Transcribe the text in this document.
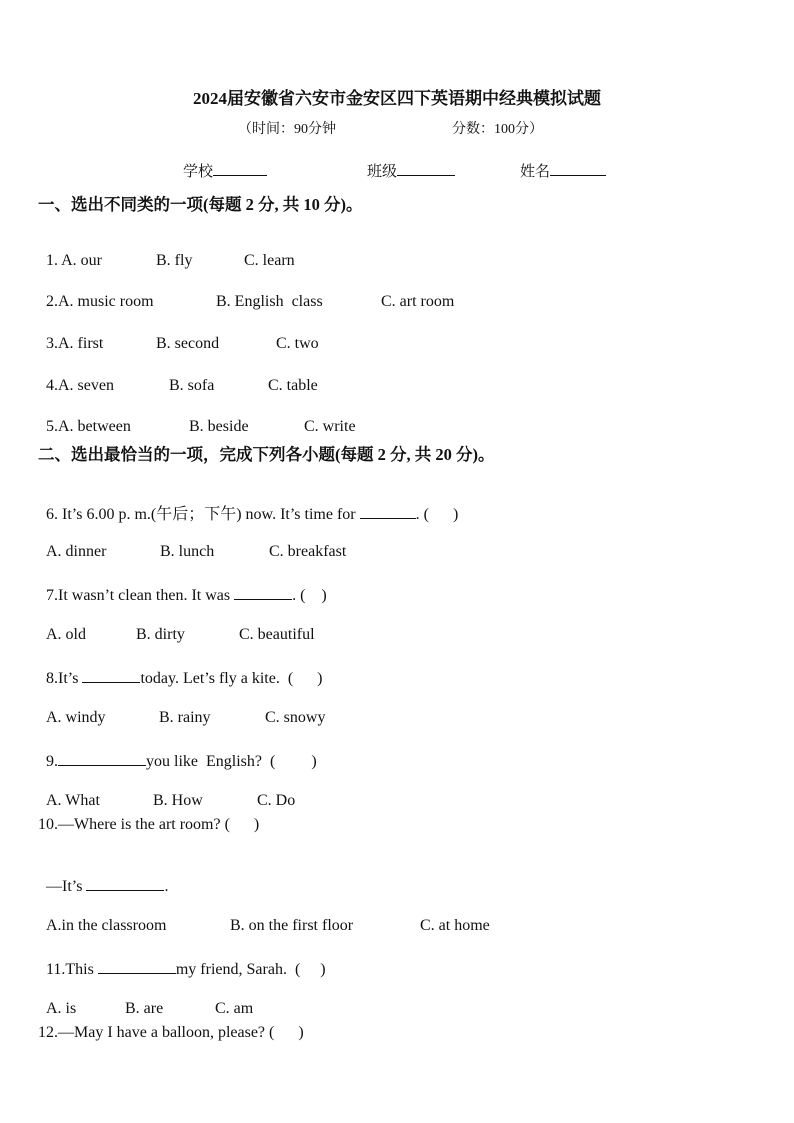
2024届安徽省六安市金安区四下英语期中经典模拟试题
（时间：90分钟	分数：100分）
学校	班级	姓名
一、选出不同类的一项(每题 2 分, 共 10 分)。

1. A. our	B. fly	C. learn

2.A. music room	B. English  class	C. art room

3.A. first	B. second	C. two

4.A. seven	B. sofa	C. table

5.A. between	B. beside	C. write

二、选出最恰当的一项，完成下列各小题(每题 2 分, 共 20 分)。

6. It’s 6.00 p. m.(午后；下午) now. It’s time for	. (      )

A. dinner	B. lunch	C. breakfast

7.It wasn’t clean then. It was	. (    )

A. old	B. dirty	C. beautiful

8.It’s	today. Let’s fly a kite.  (      )

A. windy	B. rainy	C. snowy

9.	you like  English?  (         )

A. What	B. How	C. Do

10.—Where is the art room? (      )

—It’s	.

A.in the classroom	B. on the first floor	C. at home

11.This	my friend, Sarah.  (     )

A. is	B. are	C. am

12.—May I have a balloon, please? (      )
